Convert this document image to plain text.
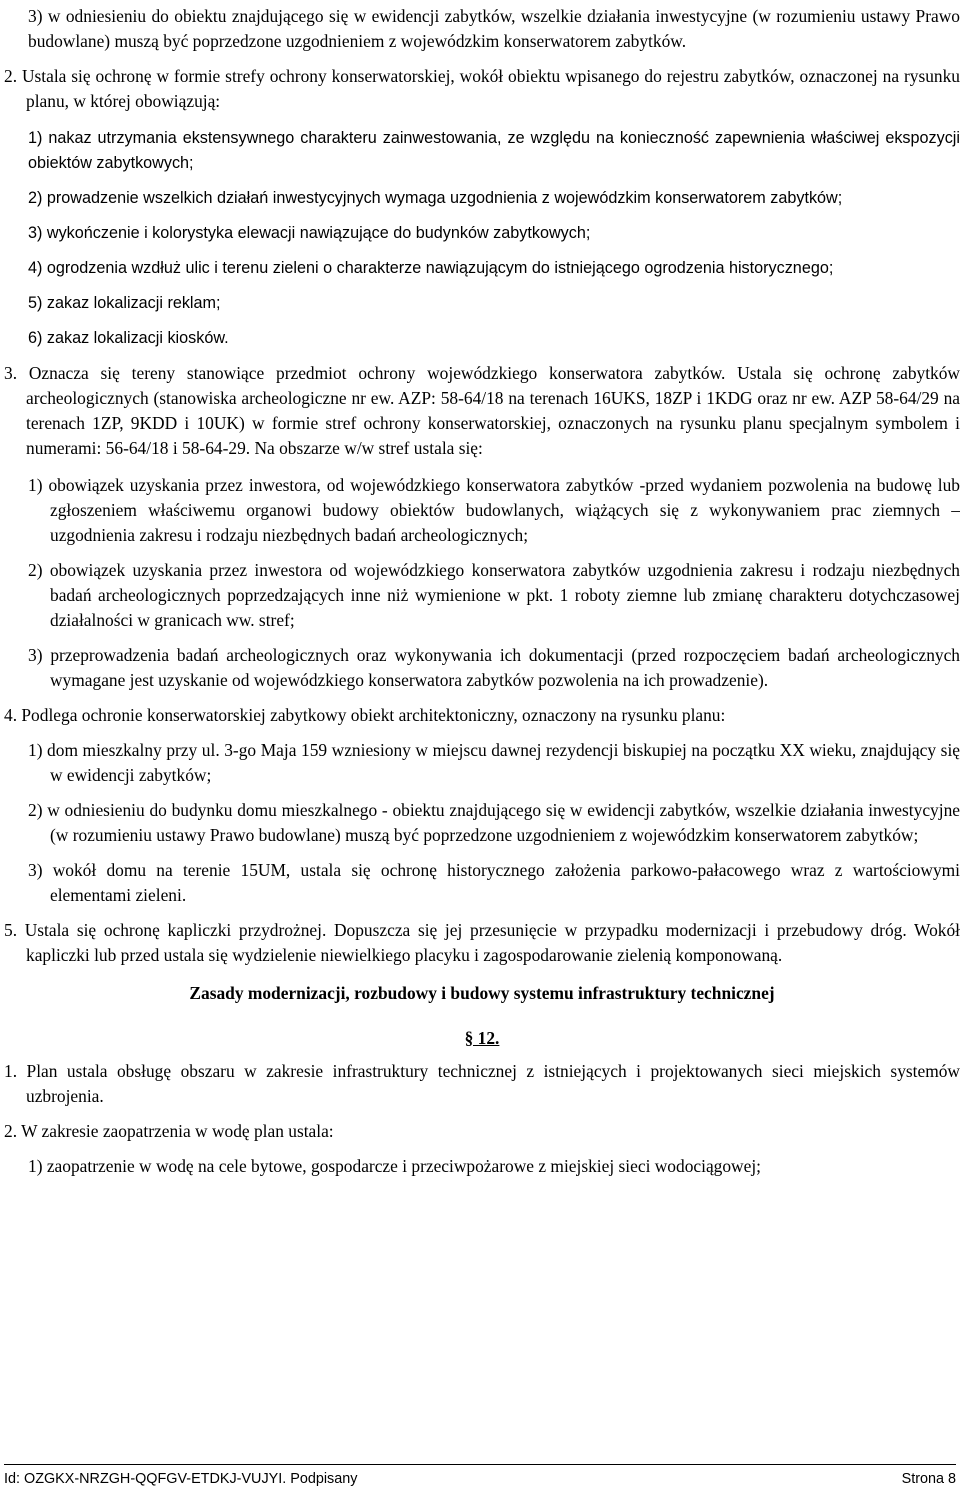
3) w odniesieniu do obiektu znajdującego się w ewidencji zabytków, wszelkie działania inwestycyjne (w rozumieniu ustawy Prawo budowlane) muszą być poprzedzone uzgodnieniem z wojewódzkim konserwatorem zabytków.

2. Ustala się ochronę w formie strefy ochrony konserwatorskiej, wokół obiektu wpisanego do rejestru zabytków, oznaczonej na rysunku planu, w której obowiązują:

1) nakaz utrzymania ekstensywnego charakteru zainwestowania, ze względu na konieczność zapewnienia właściwej ekspozycji obiektów zabytkowych;

2) prowadzenie wszelkich działań inwestycyjnych wymaga uzgodnienia z wojewódzkim konserwatorem zabytków;

3) wykończenie i kolorystyka elewacji nawiązujące do budynków zabytkowych;

4) ogrodzenia wzdłuż ulic i terenu zieleni o charakterze nawiązującym do istniejącego ogrodzenia historycznego;

5) zakaz lokalizacji reklam;

6) zakaz lokalizacji kiosków.

3. Oznacza się tereny stanowiące przedmiot ochrony wojewódzkiego konserwatora zabytków. Ustala się ochronę zabytków archeologicznych (stanowiska archeologiczne nr ew. AZP: 58-64/18 na terenach 16UKS, 18ZP i 1KDG oraz nr ew. AZP 58-64/29 na terenach 1ZP, 9KDD i 10UK) w formie stref ochrony konserwatorskiej, oznaczonych na rysunku planu specjalnym symbolem i numerami: 56-64/18 i 58-64-29. Na obszarze w/w stref ustala się:

1) obowiązek uzyskania przez inwestora, od wojewódzkiego konserwatora zabytków -przed wydaniem pozwolenia na budowę lub zgłoszeniem właściwemu organowi budowy obiektów budowlanych, wiążących się z wykonywaniem prac ziemnych – uzgodnienia zakresu i rodzaju niezbędnych badań archeologicznych;

2) obowiązek uzyskania przez inwestora od wojewódzkiego konserwatora zabytków uzgodnienia zakresu i rodzaju niezbędnych badań archeologicznych poprzedzających inne niż wymienione w pkt. 1 roboty ziemne lub zmianę charakteru dotychczasowej działalności w granicach ww. stref;

3) przeprowadzenia badań archeologicznych oraz wykonywania ich dokumentacji (przed rozpoczęciem badań archeologicznych wymagane jest uzyskanie od wojewódzkiego konserwatora zabytków pozwolenia na ich prowadzenie).

4. Podlega ochronie konserwatorskiej zabytkowy obiekt architektoniczny, oznaczony na rysunku planu:

1) dom mieszkalny przy ul. 3-go Maja 159 wzniesiony w miejscu dawnej rezydencji biskupiej na początku XX wieku, znajdujący się w ewidencji zabytków;

2) w odniesieniu do budynku domu mieszkalnego - obiektu znajdującego się w ewidencji zabytków, wszelkie działania inwestycyjne (w rozumieniu ustawy Prawo budowlane) muszą być poprzedzone uzgodnieniem z wojewódzkim konserwatorem zabytków;

3) wokół domu na terenie 15UM, ustala się ochronę historycznego założenia parkowo-pałacowego wraz z wartościowymi elementami zieleni.

5. Ustala się ochronę kapliczki przydrożnej. Dopuszcza się jej przesunięcie w przypadku modernizacji i przebudowy dróg. Wokół kapliczki lub przed ustala się wydzielenie niewielkiego placyku i zagospodarowanie zielenią komponowaną.

Zasady modernizacji, rozbudowy i budowy systemu infrastruktury technicznej
§ 12.

1. Plan ustala obsługę obszaru w zakresie infrastruktury technicznej z istniejących i projektowanych sieci miejskich systemów uzbrojenia.

2. W zakresie zaopatrzenia w wodę plan ustala:

1) zaopatrzenie w wodę na cele bytowe, gospodarcze i przeciwpożarowe z miejskiej sieci wodociągowej;

Id: OZGKX-NRZGH-QQFGV-ETDKJ-VUJYI. Podpisany	Strona 8
